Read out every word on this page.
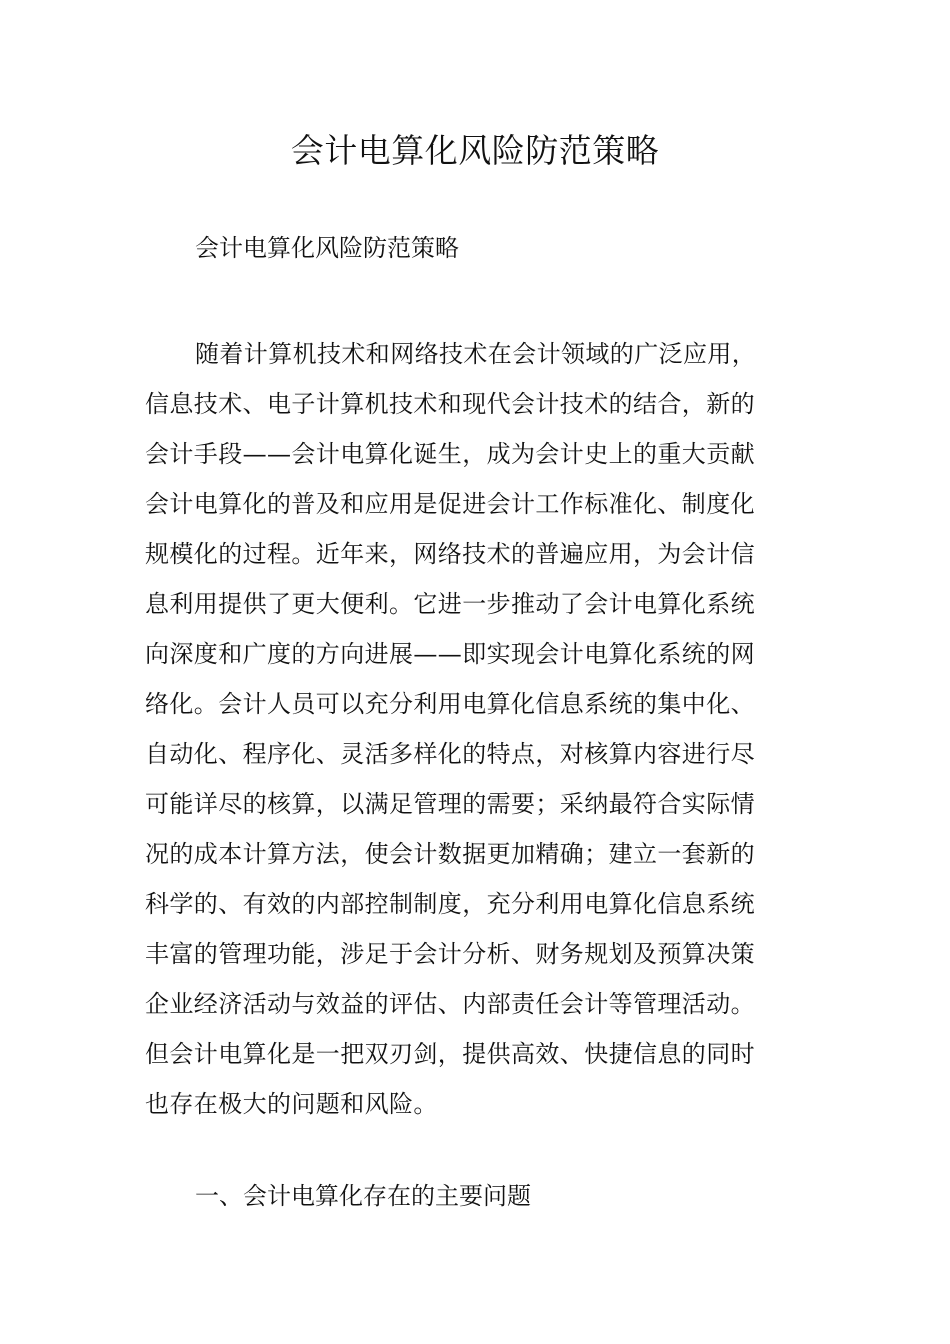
会计电算化风险防范策略
会计电算化风险防范策略
随着计算机技术和网络技术在会计领域的广泛应用，
信息技术、电子计算机技术和现代会计技术的结合，新的
会计手段——会计电算化诞生，成为会计史上的重大贡献
会计电算化的普及和应用是促进会计工作标准化、制度化
规模化的过程。近年来，网络技术的普遍应用，为会计信
息利用提供了更大便利。它进一步推动了会计电算化系统
向深度和广度的方向进展——即实现会计电算化系统的网
络化。会计人员可以充分利用电算化信息系统的集中化、
自动化、程序化、灵活多样化的特点，对核算内容进行尽
可能详尽的核算，以满足管理的需要；采纳最符合实际情
况的成本计算方法，使会计数据更加精确；建立一套新的
科学的、有效的内部控制制度，充分利用电算化信息系统
丰富的管理功能，涉足于会计分析、财务规划及预算决策
企业经济活动与效益的评估、内部责任会计等管理活动。
但会计电算化是一把双刃剑，提供高效、快捷信息的同时
也存在极大的问题和风险。
一、会计电算化存在的主要问题
